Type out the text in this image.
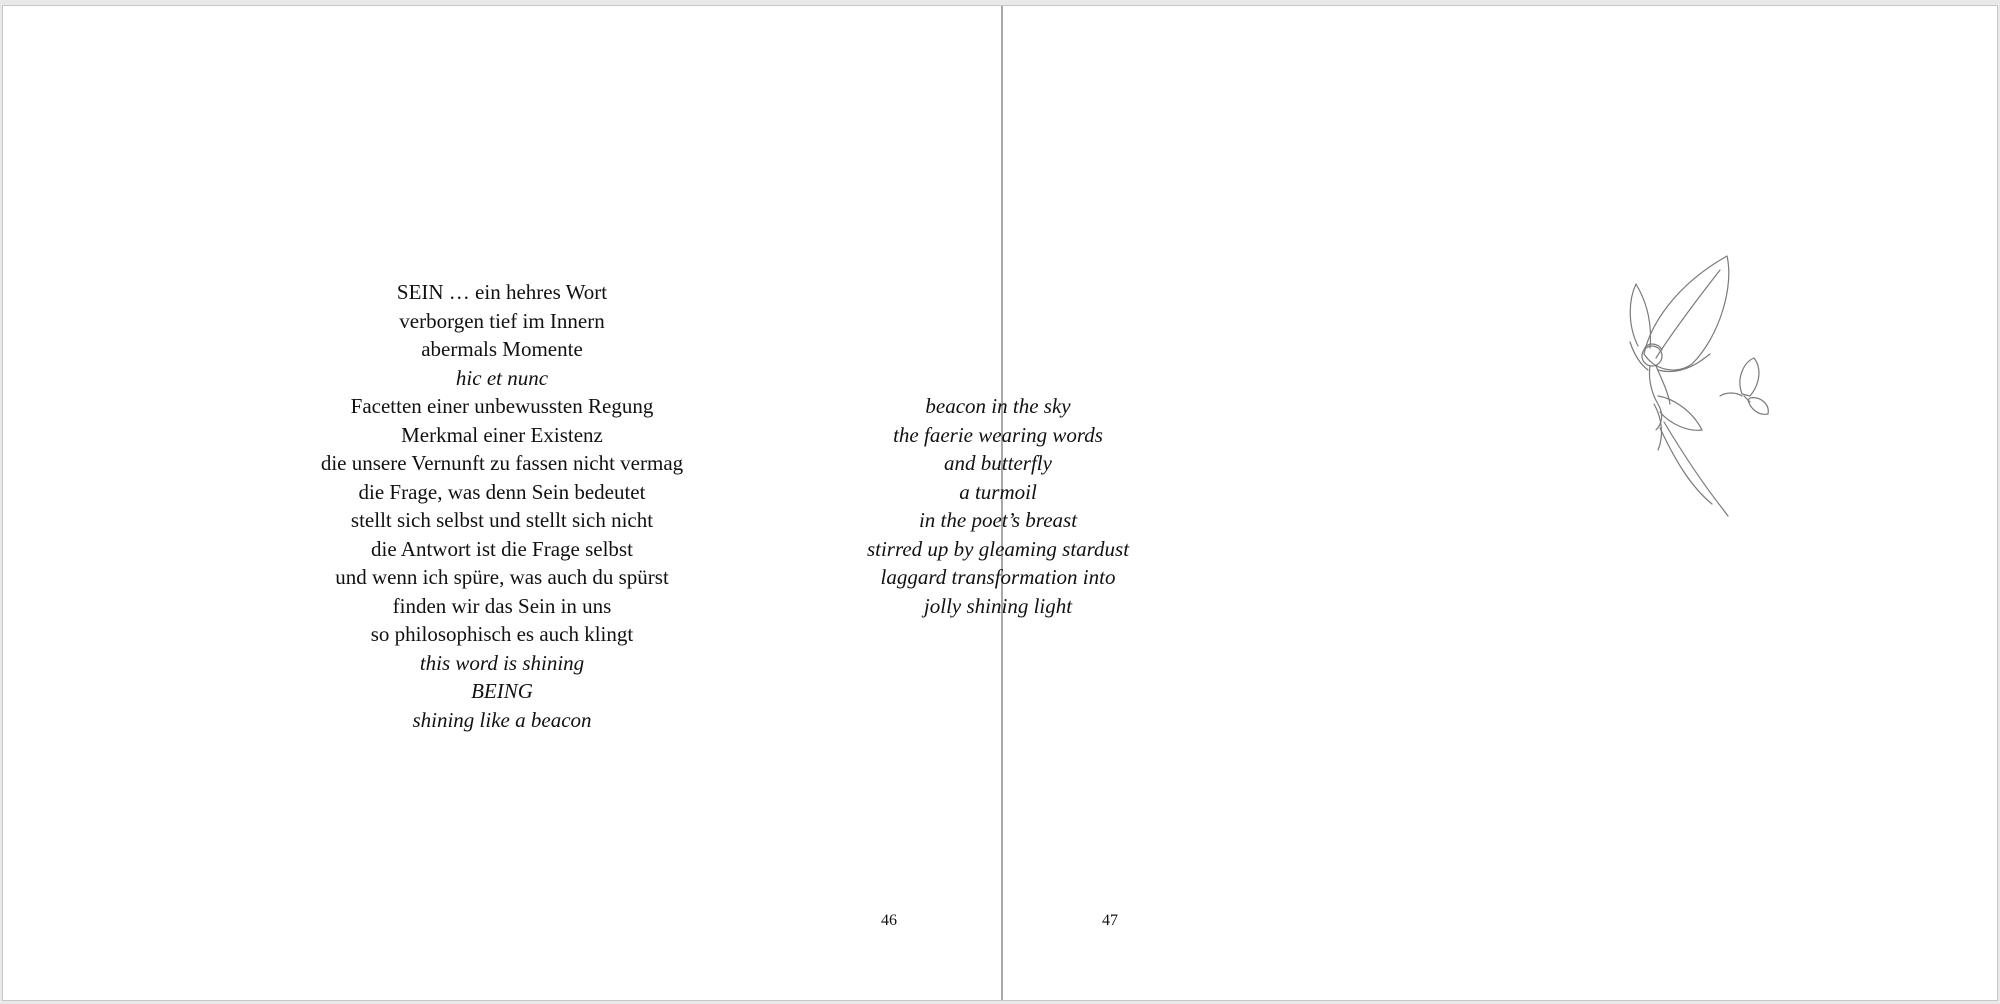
SEIN … ein hehres Wort
verborgen tief im Innern
abermals Momente
hic et nunc
Facetten einer unbewussten Regung
Merkmal einer Existenz
die unsere Vernunft zu fassen nicht vermag
die Frage, was denn Sein bedeutet
stellt sich selbst und stellt sich nicht
die Antwort ist die Frage selbst
und wenn ich spüre, was auch du spürst
finden wir das Sein in uns
so philosophisch es auch klingt
this word is shining
BEING
shining like a beacon
46
beacon in the sky
the faerie wearing words
and butterfly
a turmoil
in the poet’s breast
stirred up by gleaming stardust
laggard transformation into
jolly shining light
47
